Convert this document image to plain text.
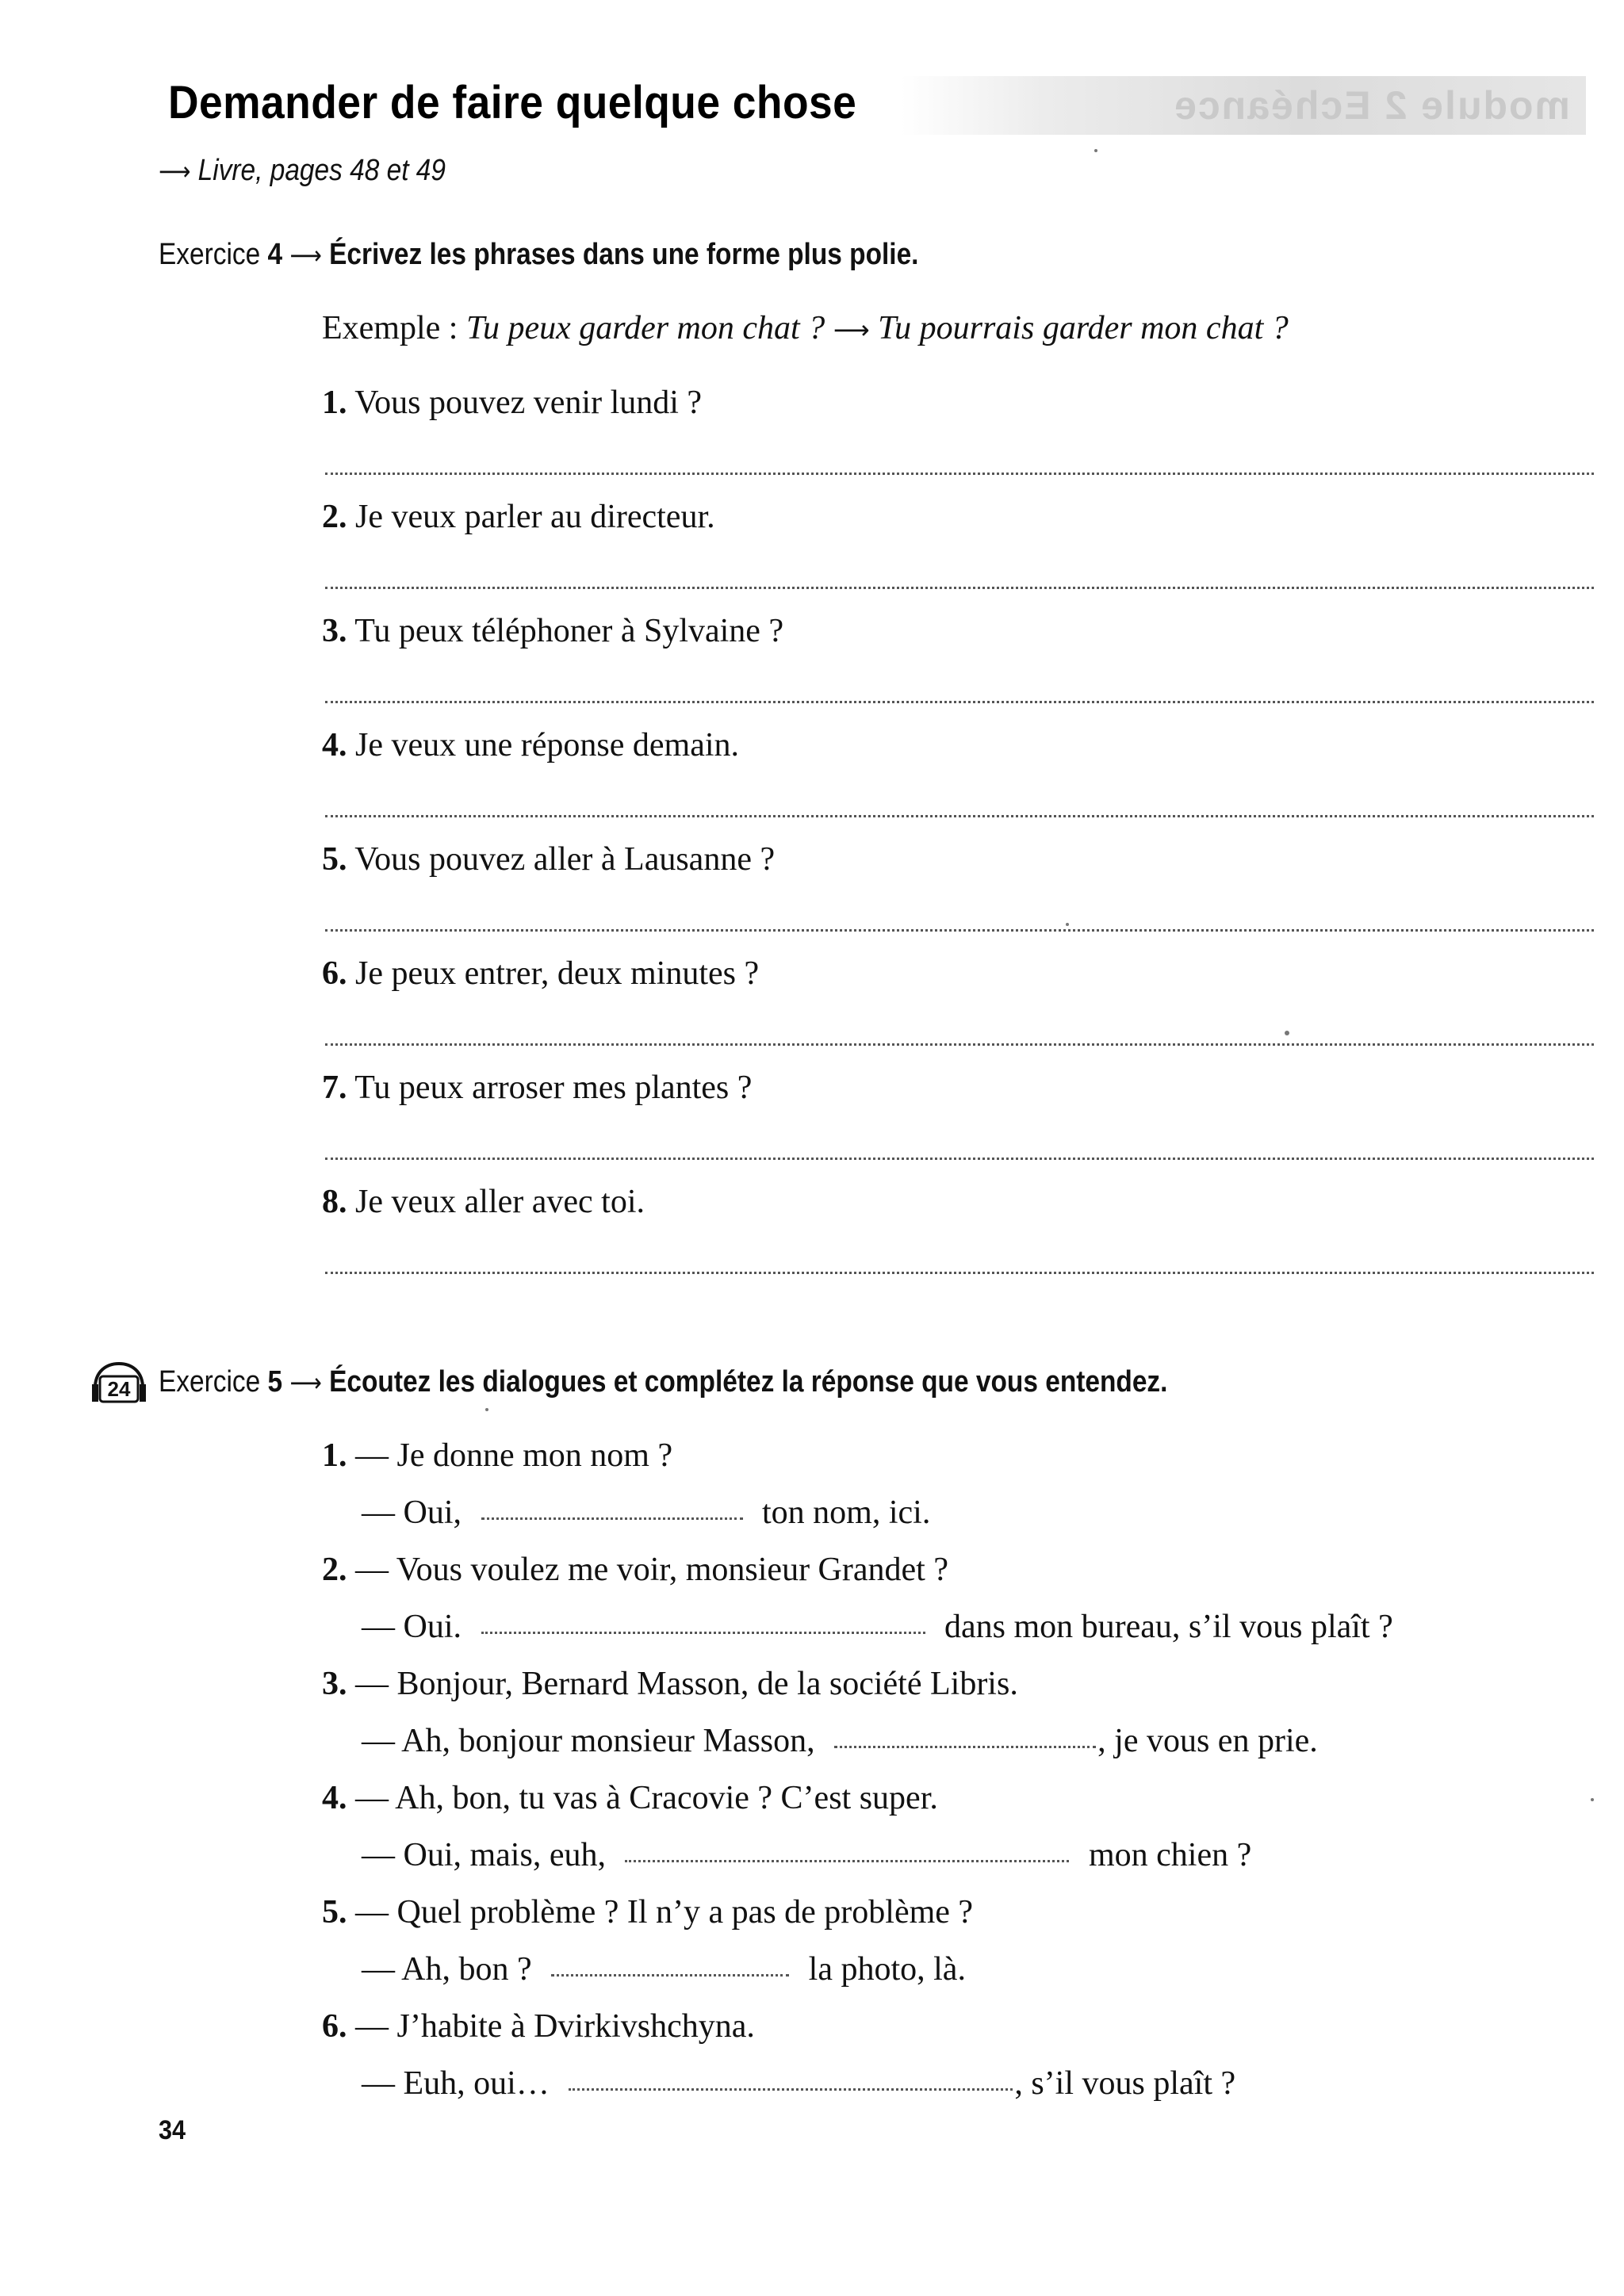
module 2 Echéance
Demander de faire quelque chose
⟶ Livre, pages 48 et 49
Exercice 4 ⟶ Écrivez les phrases dans une forme plus polie.
Exemple : Tu peux garder mon chat ? ⟶ Tu pourrais garder mon chat ?
1. Vous pouvez venir lundi ?
2. Je veux parler au directeur.
3. Tu peux téléphoner à Sylvaine ?
4. Je veux une réponse demain.
5. Vous pouvez aller à Lausanne ?
6. Je peux entrer, deux minutes ?
7. Tu peux arroser mes plantes ?
8. Je veux aller avec toi.
24 Exercice 5 ⟶ Écoutez les dialogues et complétez la réponse que vous entendez.
1. — Je donne mon nom ?
— Oui,	ton nom, ici.
2. — Vous voulez me voir, monsieur Grandet ?
— Oui.	dans mon bureau, s’il vous plaît ?
3. — Bonjour, Bernard Masson, de la société Libris.
— Ah, bonjour monsieur Masson,	, je vous en prie.
4. — Ah, bon, tu vas à Cracovie ? C’est super.
— Oui, mais, euh,	mon chien ?
5. — Quel problème ? Il n’y a pas de problème ?
— Ah, bon ?	la photo, là.
6. — J’habite à Dvirkivshchyna.
— Euh, oui…	, s’il vous plaît ?
34
